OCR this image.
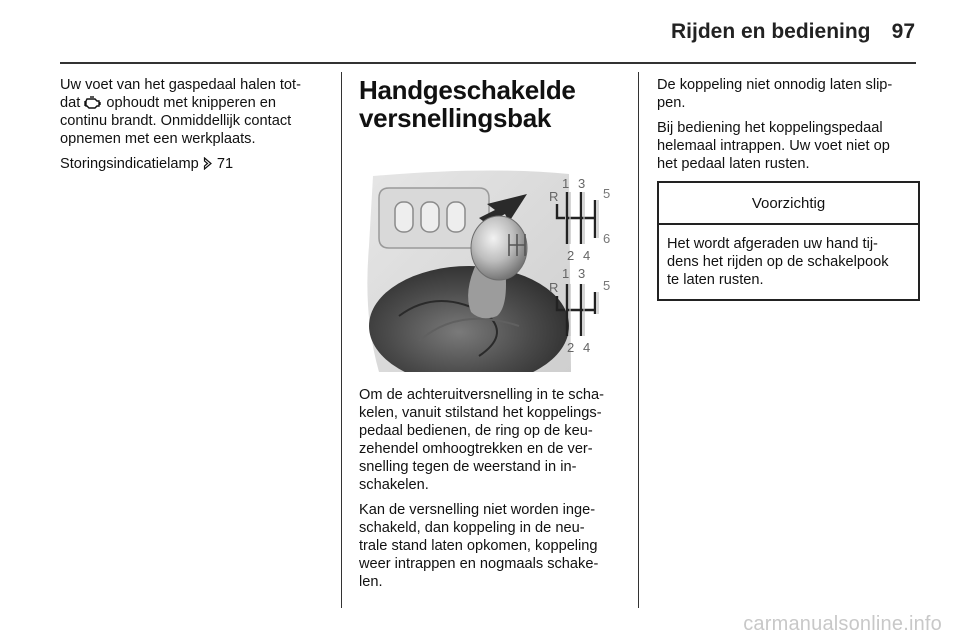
Rijden en bediening 97

Uw voet van het gaspedaal halen tot-
dat  ophoudt met knipperen en
continu brandt. Onmiddellijk contact
opnemen met een werkplaats.

Storingsindicatielamp 71

Handgeschakelde
versnellingsbak
1 3
5
R
6
2 4
1 3
5
R
2 4

Om de achteruitversnelling in te scha-
kelen, vanuit stilstand het koppelings-
pedaal bedienen, de ring op de keu-
zehendel omhoogtrekken en de ver-
snelling tegen de weerstand in in-
schakelen.

Kan de versnelling niet worden inge-
schakeld, dan koppeling in de neu-
trale stand laten opkomen, koppeling
weer intrappen en nogmaals schake-
len.

De koppeling niet onnodig laten slip-
pen.

Bij bediening het koppelingspedaal
helemaal intrappen. Uw voet niet op
het pedaal laten rusten.

Voorzichtig
Het wordt afgeraden uw hand tij-
dens het rijden op de schakelpook
te laten rusten.
carmanualsonline.info
